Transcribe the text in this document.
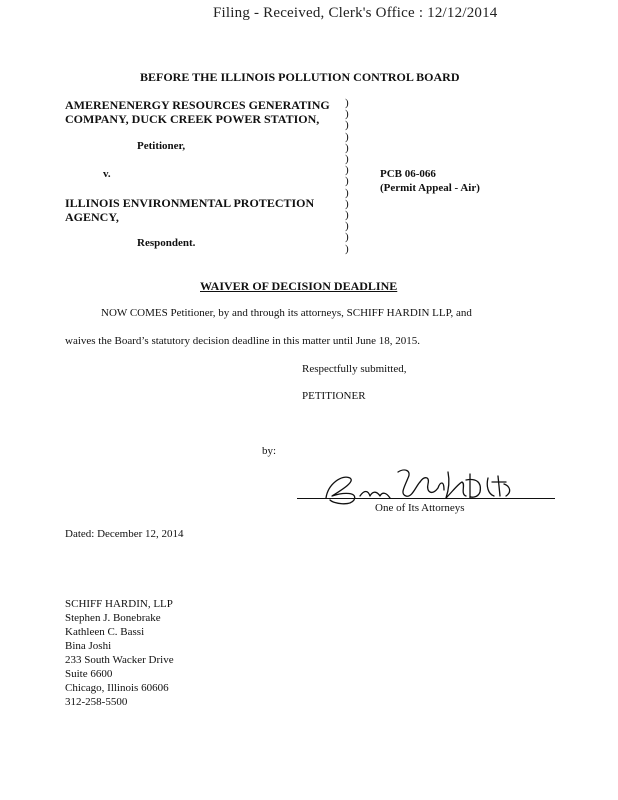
Filing - Received, Clerk's Office : 12/12/2014
BEFORE THE ILLINOIS POLLUTION CONTROL BOARD
AMERENENERGY RESOURCES GENERATING
COMPANY, DUCK CREEK POWER STATION,
Petitioner,
v.
ILLINOIS ENVIRONMENTAL PROTECTION
AGENCY,
Respondent.
)
)
)
)
)
)
)
)
)
)
)
)
)
)
PCB 06-066
(Permit Appeal - Air)
WAIVER OF DECISION DEADLINE
NOW COMES Petitioner, by and through its attorneys, SCHIFF HARDIN LLP, and
waives the Board’s statutory decision deadline in this matter until June 18, 2015.
Respectfully submitted,
PETITIONER
by:
One of Its Attorneys
Dated: December 12, 2014
SCHIFF HARDIN, LLP
Stephen J. Bonebrake
Kathleen C. Bassi
Bina Joshi
233 South Wacker Drive
Suite 6600
Chicago, Illinois 60606
312-258-5500
